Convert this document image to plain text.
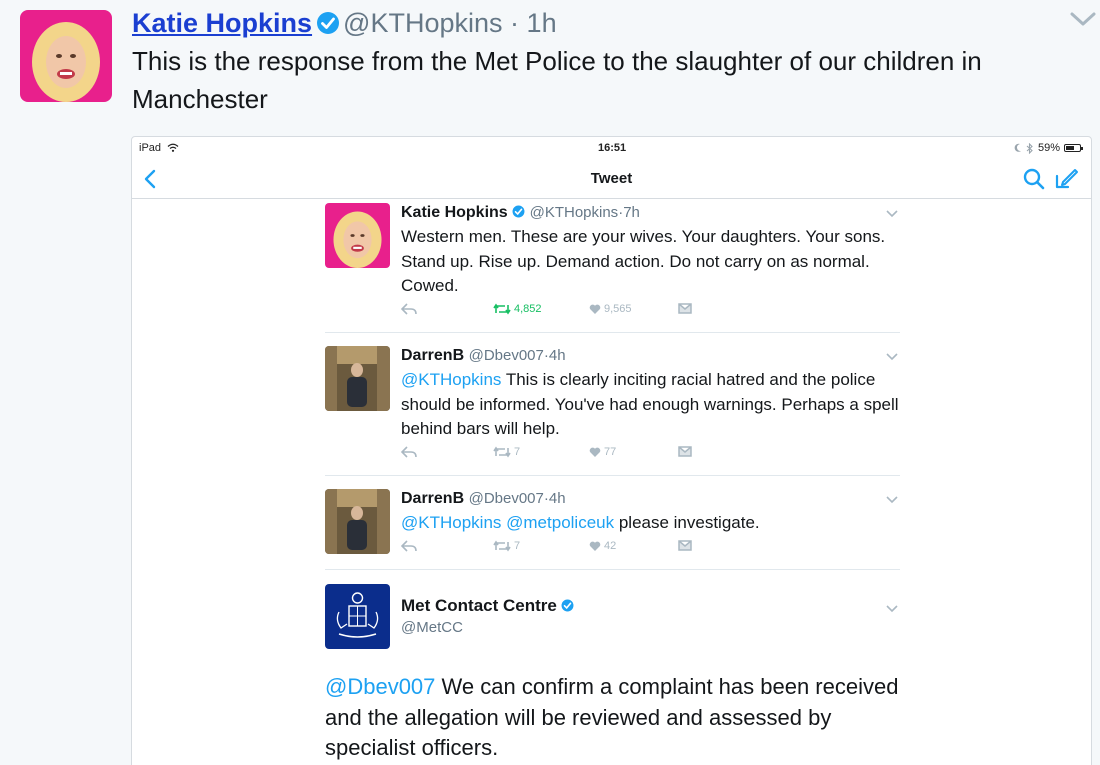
Katie Hopkins @KTHopkins · 1h
This is the response from the Met Police to the slaughter of our children in Manchester
iPad	16:51	59%
Tweet
Katie Hopkins @KTHopkins·7h
Western men. These are your wives. Your daughters. Your sons. Stand up. Rise up. Demand action. Do not carry on as normal. Cowed.
4,852	9,565
DarrenB @Dbev007·4h
@KTHopkins This is clearly inciting racial hatred and the police should be informed. You've had enough warnings. Perhaps a spell behind bars will help.
7	77
DarrenB @Dbev007·4h
@KTHopkins @metpoliceuk please investigate.
7	42
Met Contact Centre
@MetCC
@Dbev007 We can confirm a complaint has been received and the allegation will be reviewed and assessed by specialist officers.
